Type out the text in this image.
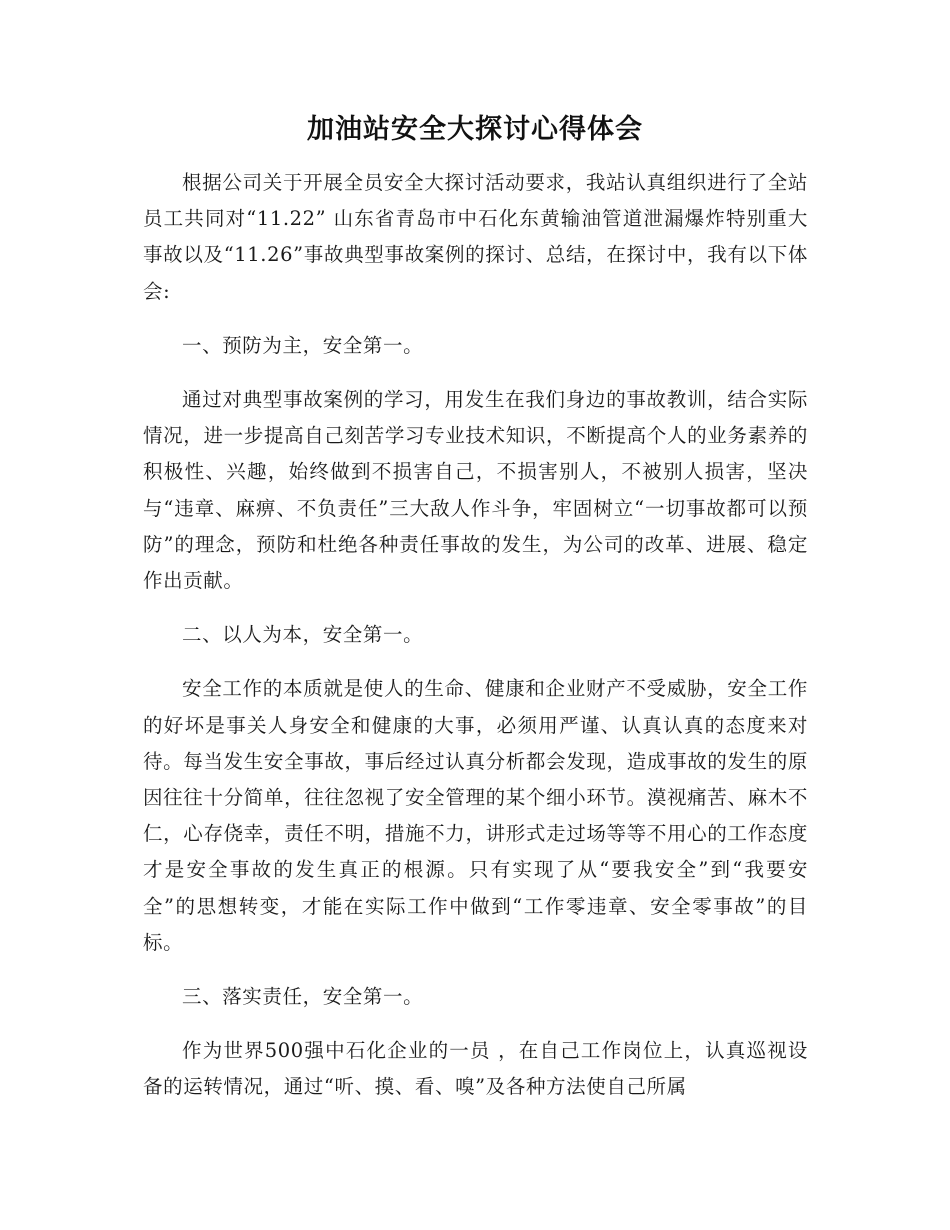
加油站安全大探讨心得体会

根据公司关于开展全员安全大探讨活动要求，我站认真组织进行了全站员工共同对“11.22” 山东省青岛市中石化东黄输油管道泄漏爆炸特别重大事故以及“11.26”事故典型事故案例的探讨、总结，在探讨中，我有以下体会:

一、预防为主，安全第一。

通过对典型事故案例的学习，用发生在我们身边的事故教训，结合实际情况，进一步提高自己刻苦学习专业技术知识，不断提高个人的业务素养的积极性、兴趣，始终做到不损害自己，不损害别人，不被别人损害，坚决与“违章、麻痹、不负责任”三大敌人作斗争，牢固树立“一切事故都可以预防”的理念，预防和杜绝各种责任事故的发生，为公司的改革、进展、稳定作出贡献。

二、以人为本，安全第一。

安全工作的本质就是使人的生命、健康和企业财产不受威胁，安全工作的好坏是事关人身安全和健康的大事，必须用严谨、认真认真的态度来对待。每当发生安全事故，事后经过认真分析都会发现，造成事故的发生的原因往往十分简单，往往忽视了安全管理的某个细小环节。漠视痛苦、麻木不仁，心存侥幸，责任不明，措施不力，讲形式走过场等等不用心的工作态度才是安全事故的发生真正的根源。只有实现了从“要我安全”到“我要安全”的思想转变，才能在实际工作中做到“工作零违章、安全零事故”的目标。

三、落实责任，安全第一。

作为世界500强中石化企业的一员 ，在自己工作岗位上，认真巡视设备的运转情况，通过“听、摸、看、嗅”及各种方法使自己所属
